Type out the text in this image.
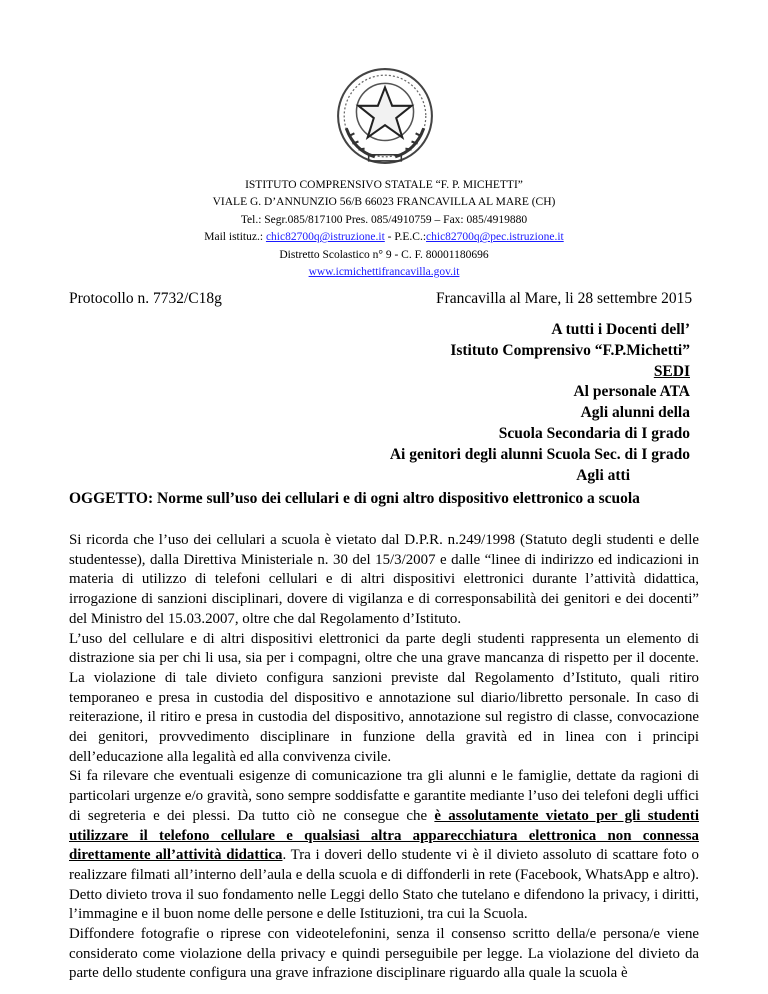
ISTITUTO COMPRENSIVO STATALE “F. P. MICHETTI”
VIALE G. D’ANNUNZIO 56/B 66023 FRANCAVILLA AL MARE (CH)
Tel.: Segr.085/817100 Pres. 085/4910759 – Fax: 085/4919880
Mail istituz.: chic82700q@istruzione.it - P.E.C.:chic82700q@pec.istruzione.it
Distretto Scolastico n° 9 - C. F. 80001180696
www.icmichettifrancavilla.gov.it
Protocollo n. 7732/C18g	Francavilla al Mare, li 28 settembre 2015
A tutti i Docenti dell’
Istituto Comprensivo “F.P.Michetti”
SEDI
Al personale ATA
Agli alunni della
Scuola Secondaria di I grado
Ai genitori degli alunni Scuola Sec. di I grado
Agli atti
OGGETTO: Norme sull’uso dei cellulari e di ogni altro dispositivo elettronico a scuola

Si ricorda che l’uso dei cellulari a scuola è vietato dal D.P.R. n.249/1998 (Statuto degli studenti e delle studentesse), dalla Direttiva Ministeriale n. 30 del 15/3/2007 e dalle “linee di indirizzo ed indicazioni in materia di utilizzo di telefoni cellulari e di altri dispositivi elettronici durante l’attività didattica, irrogazione di sanzioni disciplinari, dovere di vigilanza e di corresponsabilità dei genitori e dei docenti” del Ministro del 15.03.2007, oltre che dal Regolamento d’Istituto.

L’uso del cellulare e di altri dispositivi elettronici da parte degli studenti rappresenta un elemento di distrazione sia per chi li usa, sia per i compagni, oltre che una grave mancanza di rispetto per il docente. La violazione di tale divieto configura sanzioni previste dal Regolamento d’Istituto, quali ritiro temporaneo e presa in custodia del dispositivo e annotazione sul diario/libretto personale. In caso di reiterazione, il ritiro e presa in custodia del dispositivo, annotazione sul registro di classe, convocazione dei genitori, provvedimento disciplinare in funzione della gravità ed in linea con i principi dell’educazione alla legalità ed alla convivenza civile.

Si fa rilevare che eventuali esigenze di comunicazione tra gli alunni e le famiglie, dettate da ragioni di particolari urgenze e/o gravità, sono sempre soddisfatte e garantite mediante l’uso dei telefoni degli uffici di segreteria e dei plessi. Da tutto ciò ne consegue che è assolutamente vietato per gli studenti utilizzare il telefono cellulare e qualsiasi altra apparecchiatura elettronica non connessa direttamente all’attività didattica. Tra i doveri dello studente vi è il divieto assoluto di scattare foto o realizzare filmati all’interno dell’aula e della scuola e di diffonderli in rete (Facebook, WhatsApp e altro). Detto divieto trova il suo fondamento nelle Leggi dello Stato che tutelano e difendono la privacy, i diritti, l’immagine e il buon nome delle persone e delle Istituzioni, tra cui la Scuola.

Diffondere fotografie o riprese con videotelefonini, senza il consenso scritto della/e persona/e viene considerato come violazione della privacy e quindi perseguibile per legge. La violazione del divieto da parte dello studente configura una grave infrazione disciplinare riguardo alla quale la scuola è
